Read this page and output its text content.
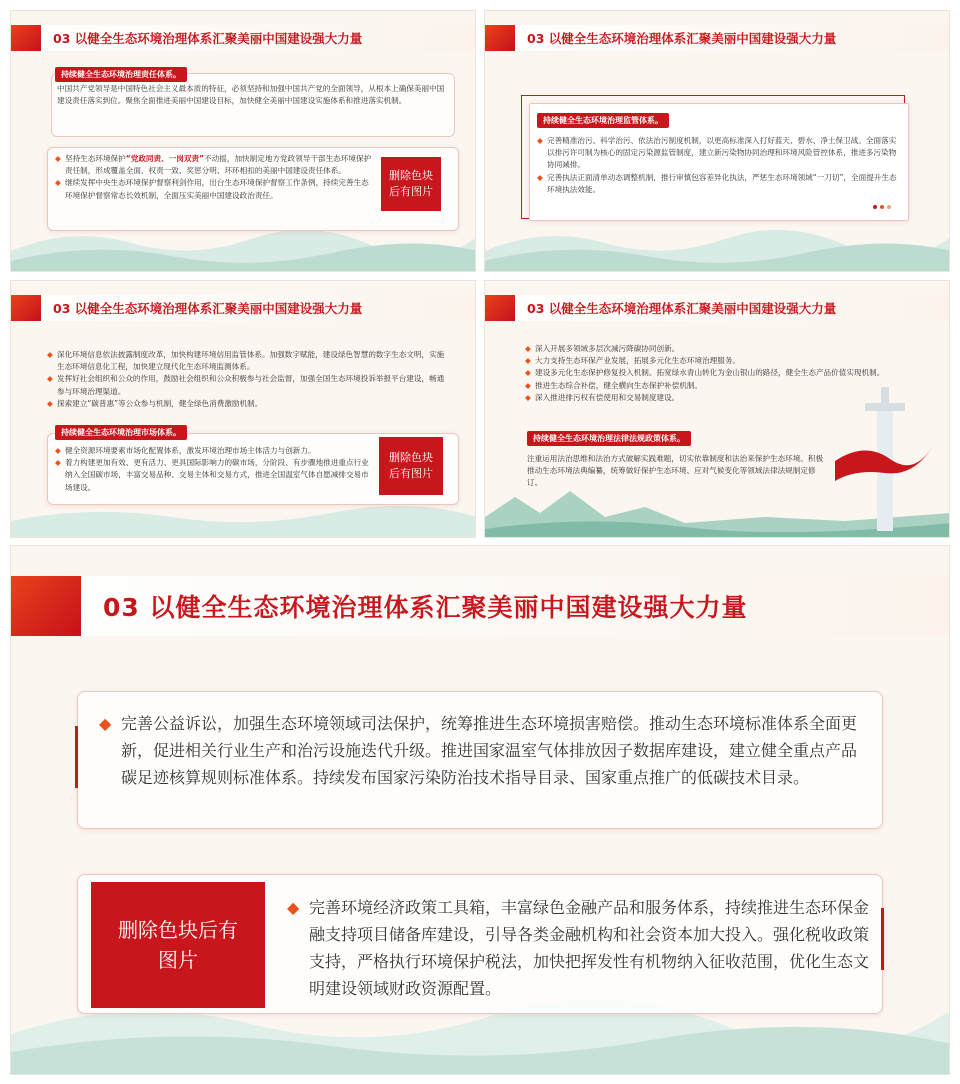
03 以健全生态环境治理体系汇聚美丽中国建设强大力量
持续健全生态环境治理责任体系。
中国共产党领导是中国特色社会主义最本质的特征，必须坚持和加强中国共产党的全面领导，从根本上确保美丽中国建设责任落实到位。聚焦全面推进美丽中国建设目标，加快健全美丽中国建设实施体系和推进落实机制。
◆ 坚持生态环境保护“党政同责、一岗双责”不动摇，加快制定地方党政领导干部生态环境保护责任制，形成覆盖全面、权责一致、奖惩分明、环环相扣的美丽中国建设责任体系。
◆ 继续发挥中央生态环境保护督察利剑作用，出台生态环境保护督察工作条例，持续完善生态环境保护督察常态长效机制，全面压实美丽中国建设政治责任。
删除色块后有图片
03 以健全生态环境治理体系汇聚美丽中国建设强大力量
持续健全生态环境治理监管体系。
◆ 完善精准治污、科学治污、依法治污制度机制，以更高标准深入打好蓝天、碧水、净土保卫战。全面落实以排污许可制为核心的固定污染源监管制度，建立新污染物协同治理和环境风险管控体系，推进多污染物协同减排。
◆ 完善执法正面清单动态调整机制，推行审慎包容差异化执法，严惩生态环境领域“一刀切”，全面提升生态环境执法效能。
03 以健全生态环境治理体系汇聚美丽中国建设强大力量
◆ 深化环境信息依法披露制度改革，加快构建环境信用监管体系。加强数字赋能，建设绿色智慧的数字生态文明，实施生态环境信息化工程，加快建立现代化生态环境监测体系。
◆ 发挥好社会组织和公众的作用，鼓励社会组织和公众积极参与社会监督，加强全国生态环境投诉举报平台建设，畅通参与环境治理渠道。
◆ 探索建立“碳普惠”等公众参与机制，健全绿色消费激励机制。
持续健全生态环境治理市场体系。
◆ 健全资源环境要素市场化配置体系，激发环境治理市场主体活力与创新力。
◆ 着力构建更加有效、更有活力、更具国际影响力的碳市场，分阶段、有步骤地推进重点行业纳入全国碳市场，丰富交易品种、交易主体和交易方式，推进全国温室气体自愿减排交易市场建设。
删除色块后有图片
03 以健全生态环境治理体系汇聚美丽中国建设强大力量
◆ 深入开展多领域多层次减污降碳协同创新。
◆ 大力支持生态环保产业发展，拓展多元化生态环境治理服务。
◆ 建设多元化生态保护修复投入机制。拓宽绿水青山转化为金山银山的路径，健全生态产品价值实现机制。
◆ 推进生态综合补偿，健全横向生态保护补偿机制。
◆ 深入推进排污权有偿使用和交易制度建设。
持续健全生态环境治理法律法规政策体系。
注重运用法治思维和法治方式破解实践难题，切实依靠制度和法治来保护生态环境。积极推动生态环境法典编纂，统筹做好保护生态环境、应对气候变化等领域法律法规制定修订。
03 以健全生态环境治理体系汇聚美丽中国建设强大力量
◆ 完善公益诉讼，加强生态环境领域司法保护，统筹推进生态环境损害赔偿。推动生态环境标准体系全面更新，促进相关行业生产和治污设施迭代升级。推进国家温室气体排放因子数据库建设，建立健全重点产品碳足迹核算规则标准体系。持续发布国家污染防治技术指导目录、国家重点推广的低碳技术目录。
删除色块后有图片
◆ 完善环境经济政策工具箱，丰富绿色金融产品和服务体系，持续推进生态环保金融支持项目储备库建设，引导各类金融机构和社会资本加大投入。强化税收政策支持，严格执行环境保护税法，加快把挥发性有机物纳入征收范围，优化生态文明建设领域财政资源配置。
